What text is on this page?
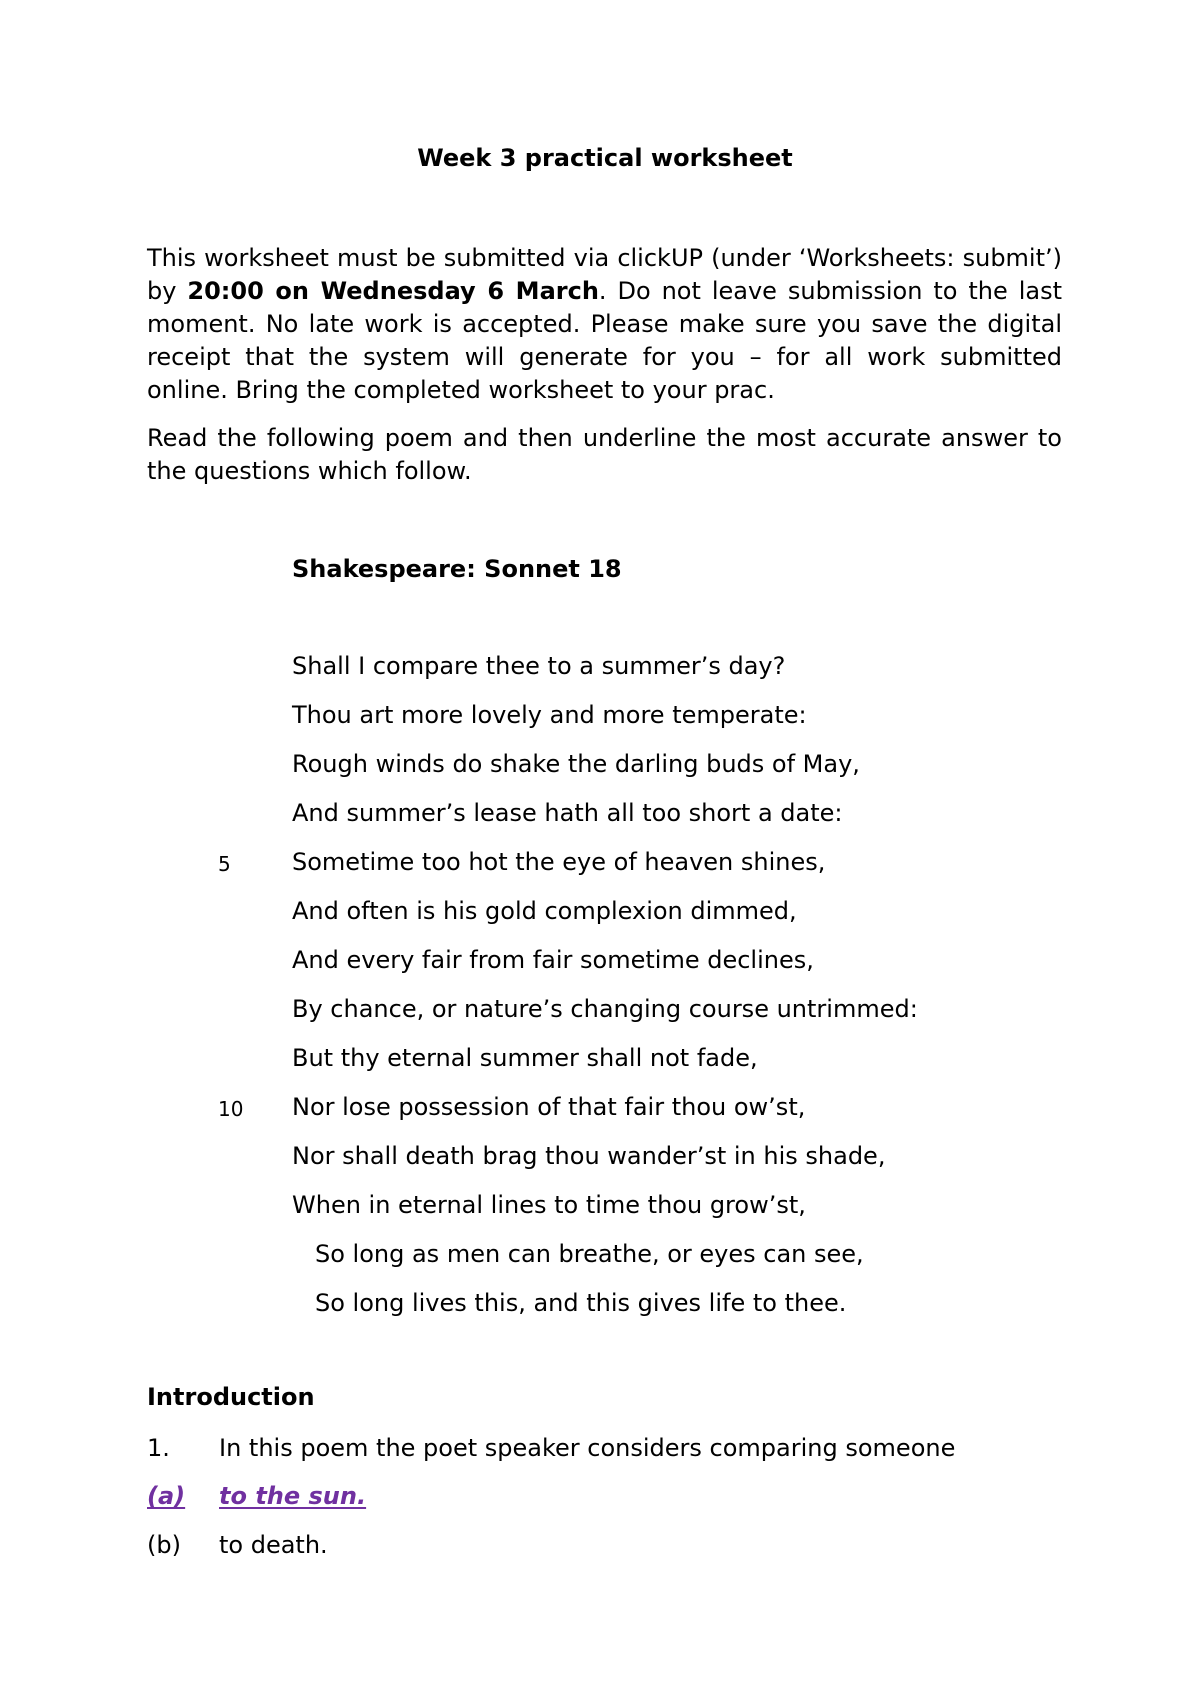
Week 3 practical worksheet

This worksheet must be submitted via clickUP (under ‘Worksheets: submit’) by 20:00 on Wednesday 6 March. Do not leave submission to the last moment. No late work is accepted. Please make sure you save the digital receipt that the system will generate for you – for all work submitted online. Bring the completed worksheet to your prac.

Read the following poem and then underline the most accurate answer to the questions which follow.

Shakespeare: Sonnet 18
Shall I compare thee to a summer’s day?
Thou art more lovely and more temperate:
Rough winds do shake the darling buds of May,
And summer’s lease hath all too short a date:
5	Sometime too hot the eye of heaven shines,
And often is his gold complexion dimmed,
And every fair from fair sometime declines,
By chance, or nature’s changing course untrimmed:
But thy eternal summer shall not fade,
10 Nor lose possession of that fair thou ow’st,
Nor shall death brag thou wander’st in his shade,
When in eternal lines to time thou grow’st,
So long as men can breathe, or eyes can see,
So long lives this, and this gives life to thee.
Introduction
1. In this poem the poet speaker considers comparing someone
(a) to the sun.
(b) to death.
